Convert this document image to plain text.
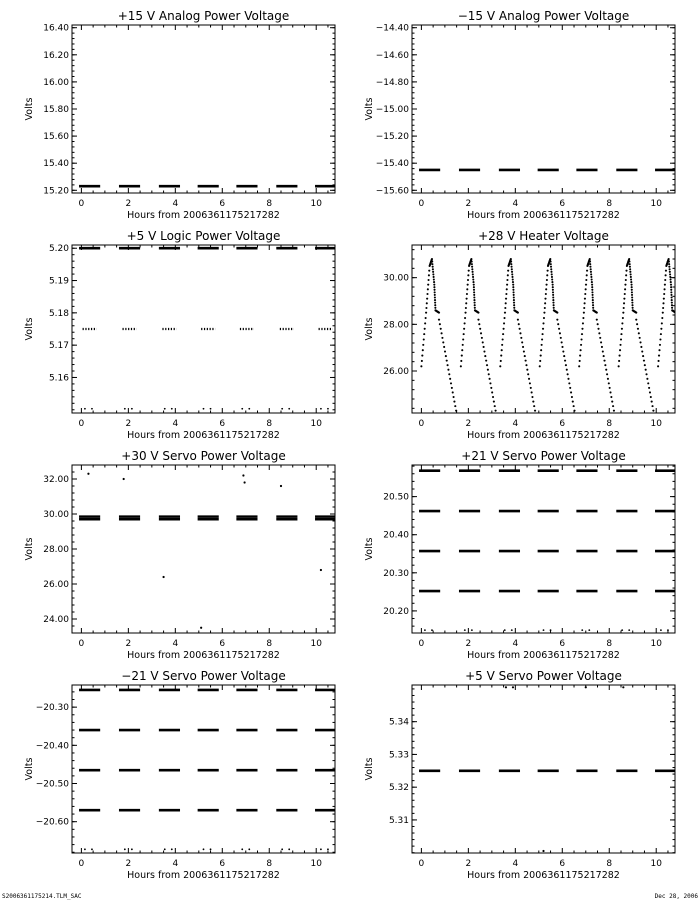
+15 V Analog Power Voltage
0	2	4	6	8	10
15.20
15.40
15.60
15.80
16.00
16.20
16.40
Hours from 2006361175217282
Volts
−15 V Analog Power Voltage
0	2	4	6	8	10
−14.40
−14.60
−14.80
−15.00
−15.20
−15.40
−15.60
Hours from 2006361175217282
Volts
+5 V Logic Power Voltage
0	2	4	6	8	10
5.16
5.17
5.18
5.19
5.20
Hours from 2006361175217282
Volts
+28 V Heater Voltage
0	2	4	6	8	10
26.00
28.00
30.00
Hours from 2006361175217282
Volts
+30 V Servo Power Voltage
0	2	4	6	8	10
24.00
26.00
28.00
30.00
32.00
Hours from 2006361175217282
Volts
+21 V Servo Power Voltage
0	2	4	6	8	10
20.20
20.30
20.40
20.50
Hours from 2006361175217282
Volts
−21 V Servo Power Voltage
0	2	4	6	8	10
−20.30
−20.40
−20.50
−20.60
Hours from 2006361175217282
Volts
+5 V Servo Power Voltage
0	2	4	6	8	10
5.31
5.32
5.33
5.34
Hours from 2006361175217282
Volts
S2006361175214.TLM_SAC	Dec 28, 2006
